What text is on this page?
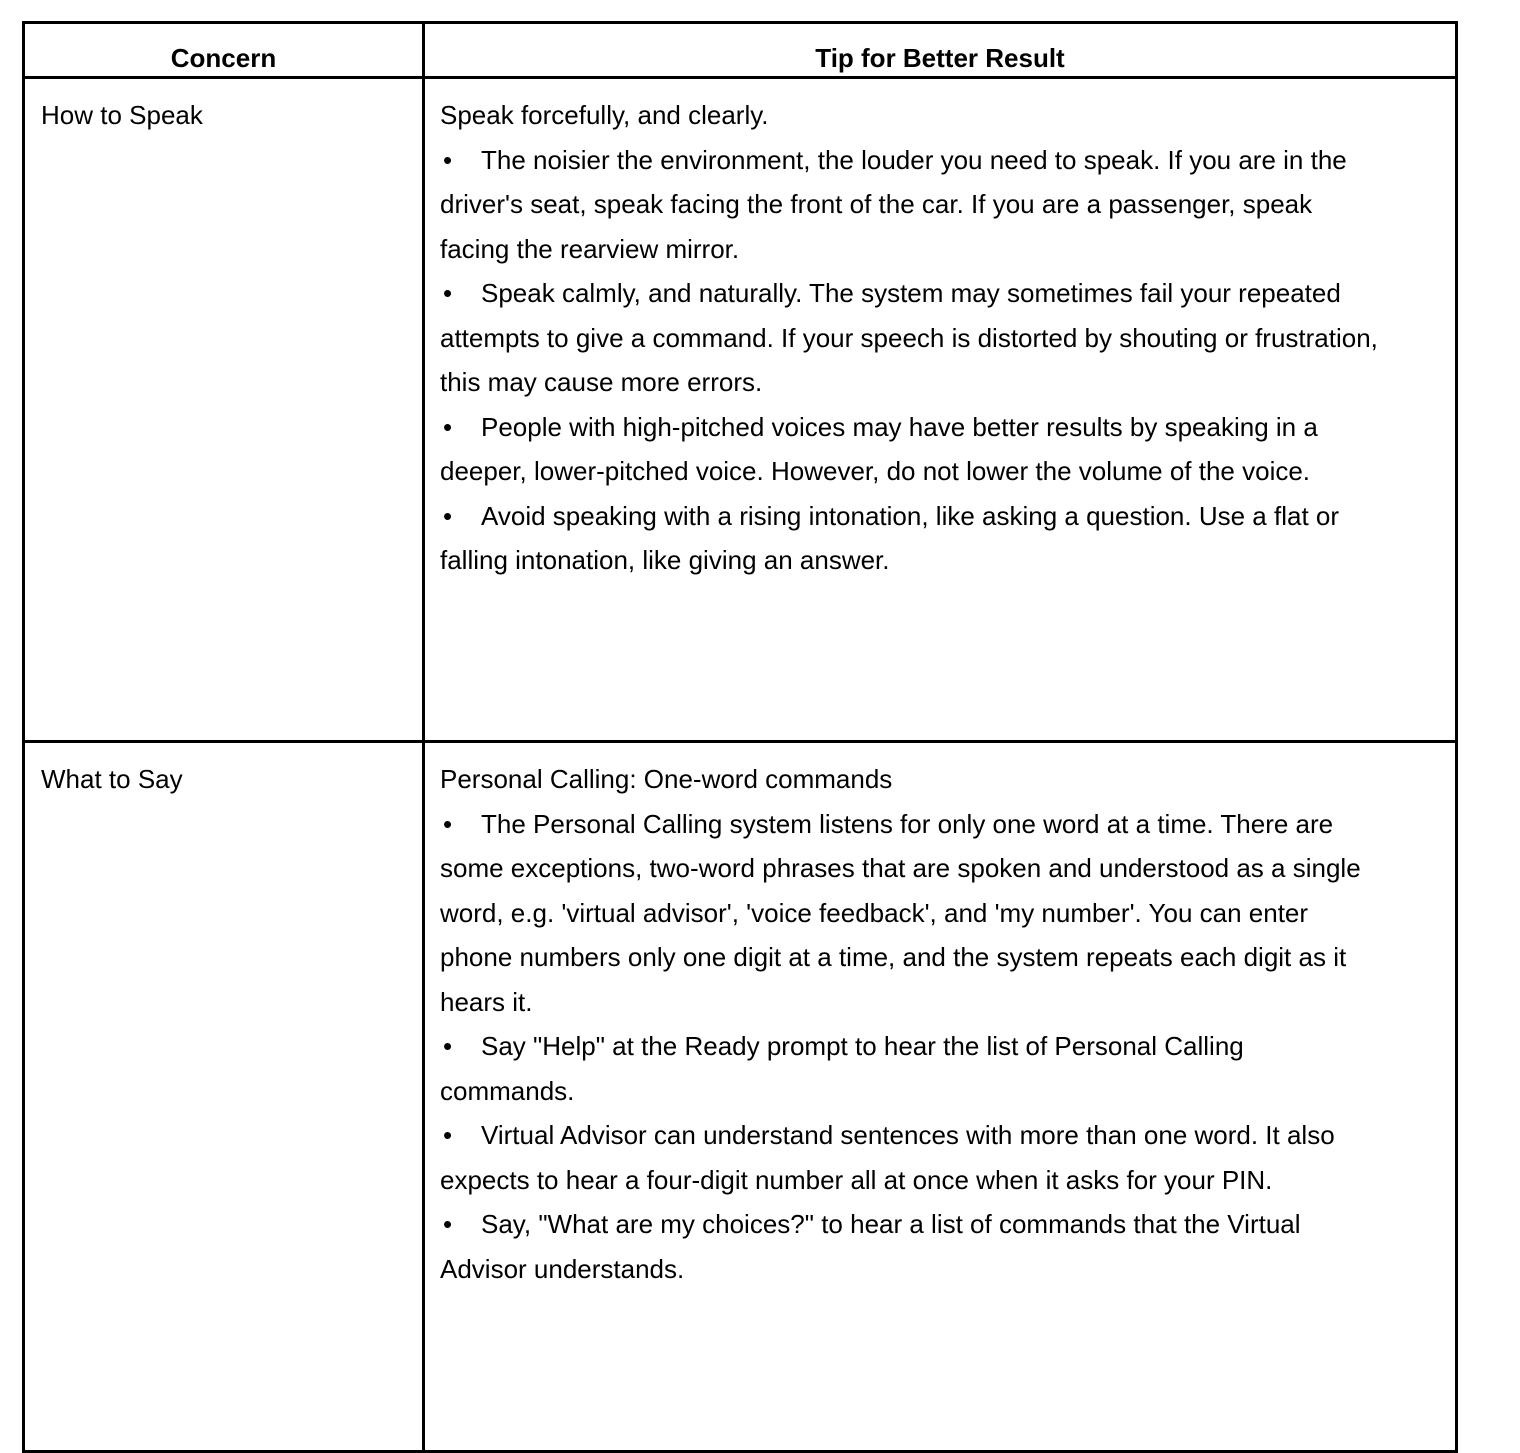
Concern	Tip for Better Result
How to Speak	Speak forcefully, and clearly.
• The noisier the environment, the louder you need to speak. If you are in the driver's seat, speak facing the front of the car. If you are a passenger, speak facing the rearview mirror.
• Speak calmly, and naturally. The system may sometimes fail your repeated attempts to give a command. If your speech is distorted by shouting or frustration, this may cause more errors.
• People with high-pitched voices may have better results by speaking in a deeper, lower-pitched voice. However, do not lower the volume of the voice.
• Avoid speaking with a rising intonation, like asking a question. Use a flat or falling intonation, like giving an answer.

What to Say	Personal Calling: One-word commands
• The Personal Calling system listens for only one word at a time. There are some exceptions, two-word phrases that are spoken and understood as a single word, e.g. 'virtual advisor', 'voice feedback', and 'my number'. You can enter phone numbers only one digit at a time, and the system repeats each digit as it hears it.
• Say "Help" at the Ready prompt to hear the list of Personal Calling commands.
• Virtual Advisor can understand sentences with more than one word. It also expects to hear a four-digit number all at once when it asks for your PIN.
• Say, "What are my choices?" to hear a list of commands that the Virtual Advisor understands.
